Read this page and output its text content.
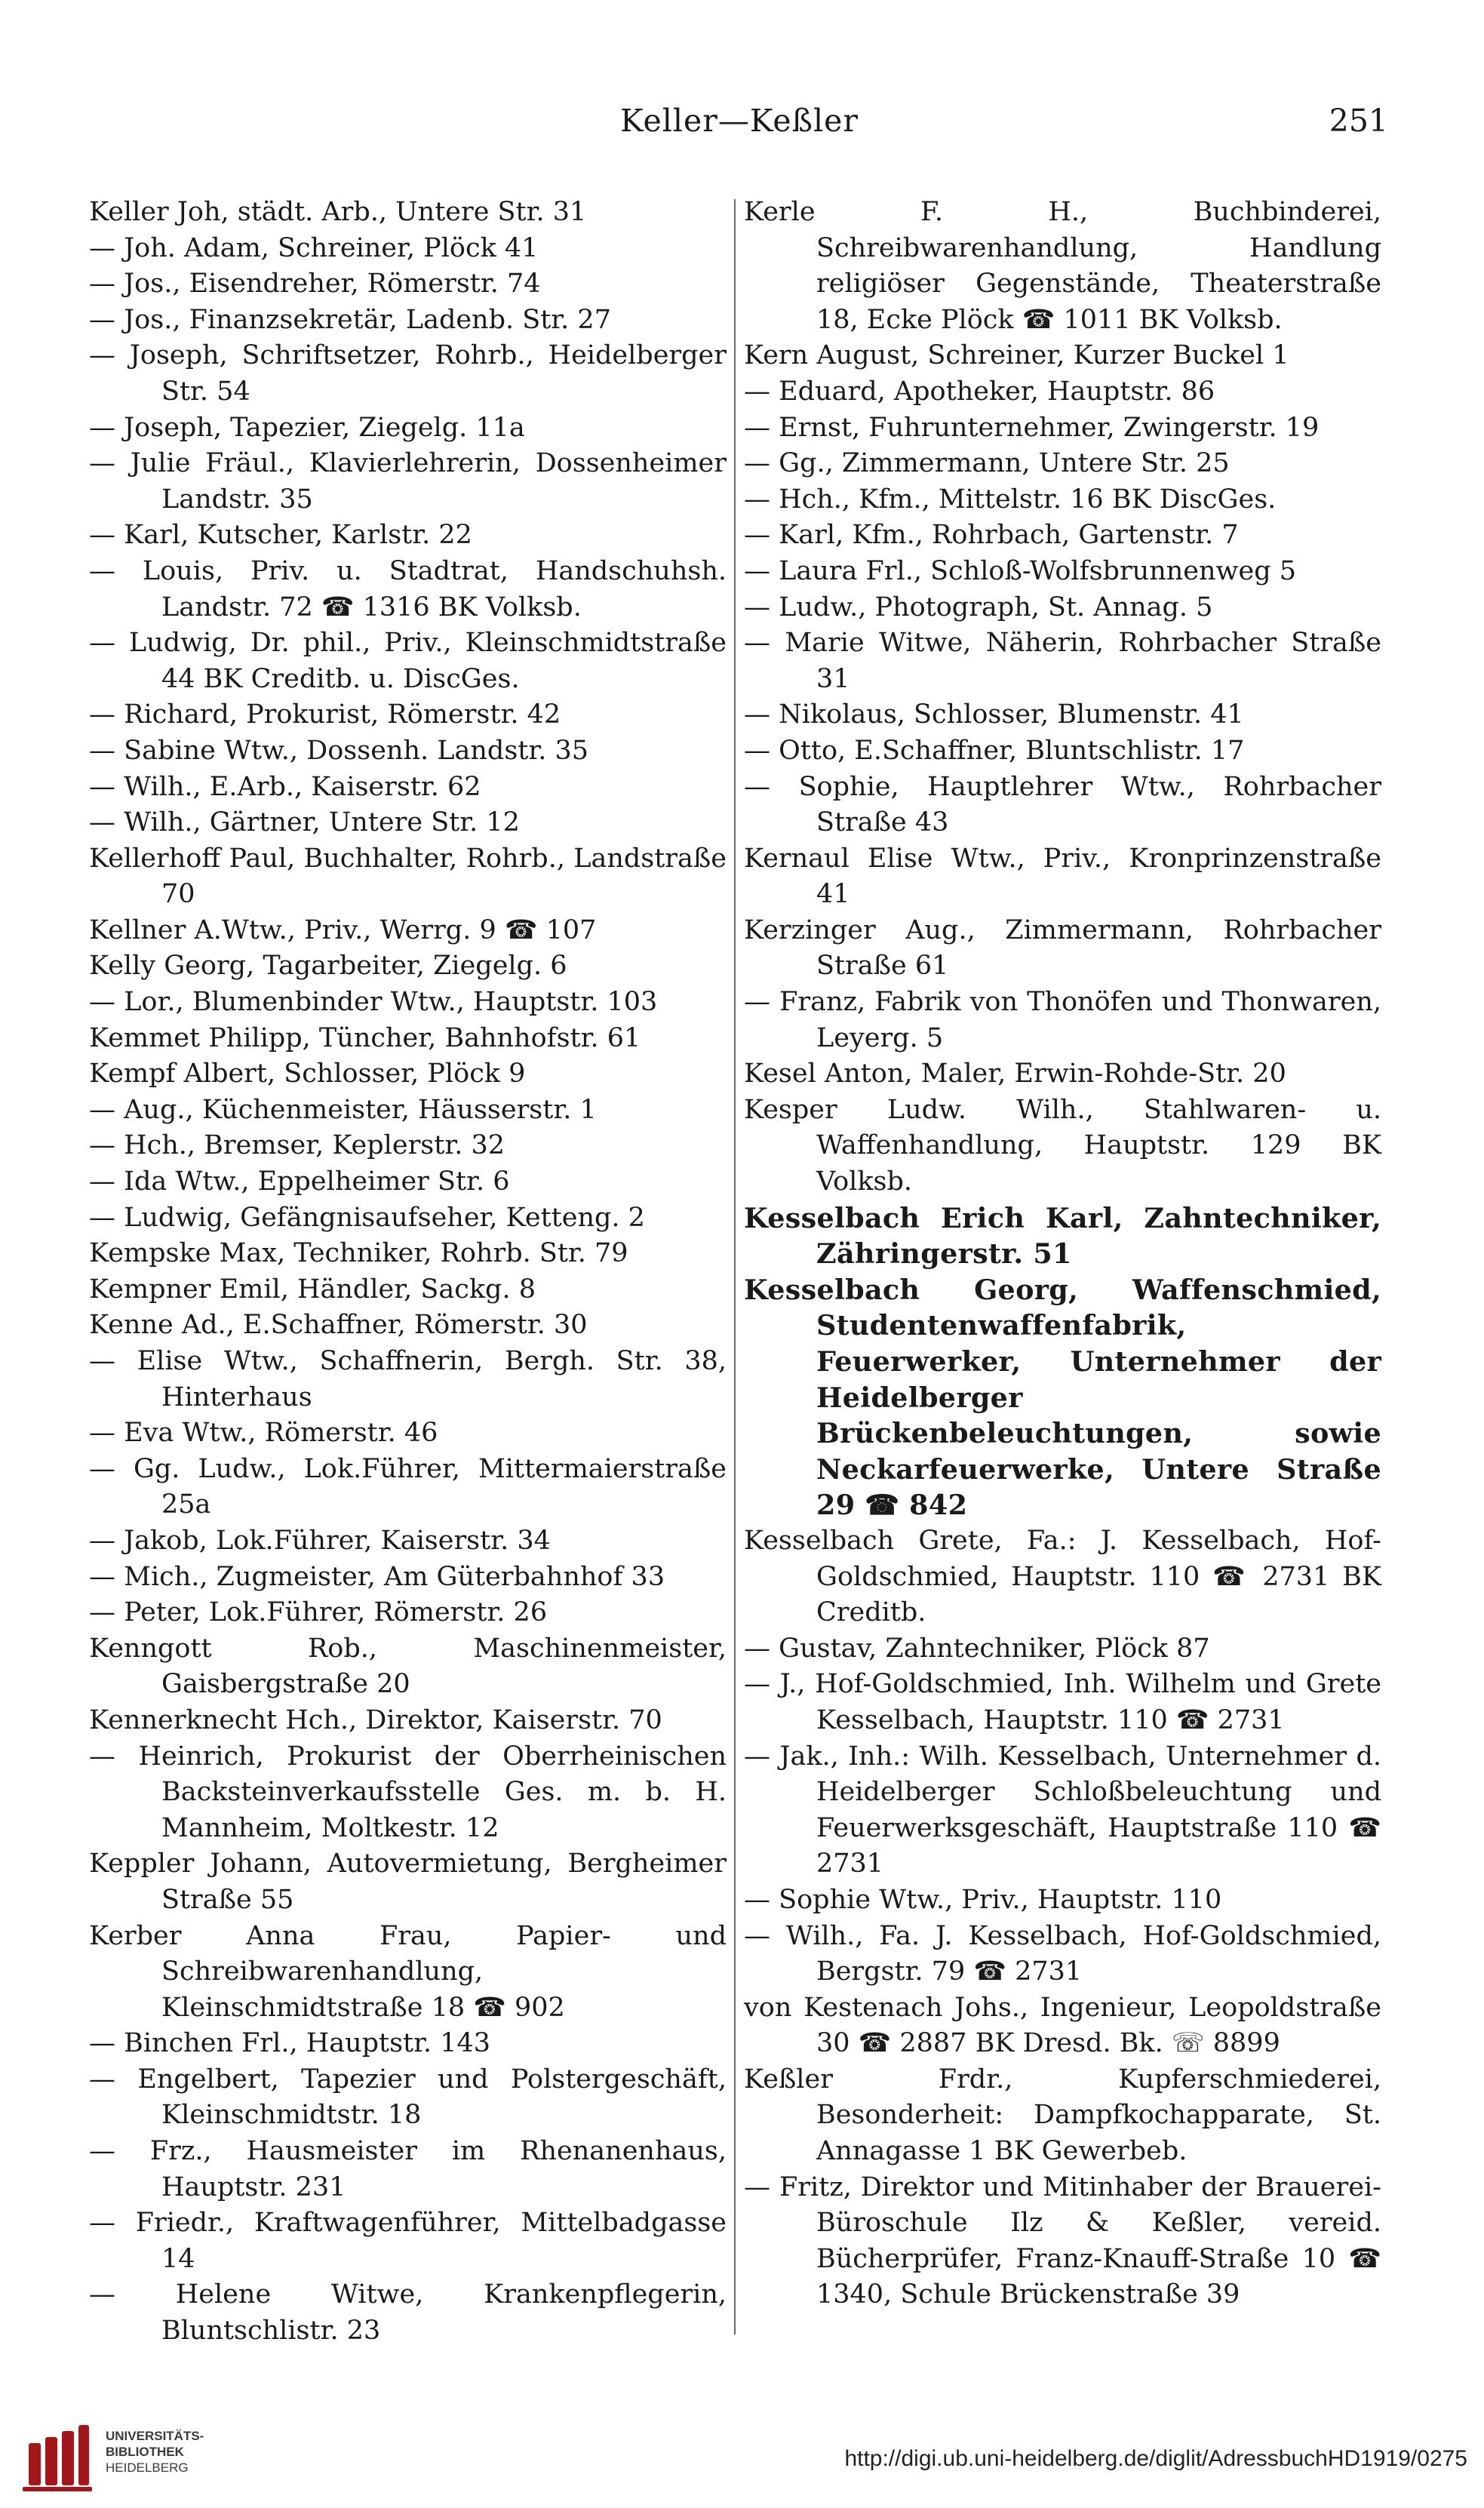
Keller—Keßler	251
Keller Joh, städt. Arb., Untere Str. 31
— Joh. Adam, Schreiner, Plöck 41
— Jos., Eisendreher, Römerstr. 74
— Jos., Finanzsekretär, Ladenb. Str. 27
— Joseph, Schriftsetzer, Rohrb., Heidelberger Str. 54
— Joseph, Tapezier, Ziegelg. 11a
— Julie Fräul., Klavierlehrerin, Dossenheimer Landstr. 35
— Karl, Kutscher, Karlstr. 22
— Louis, Priv. u. Stadtrat, Handschuhsh. Landstr. 72 ☎ 1316 BK Volksb.
— Ludwig, Dr. phil., Priv., Kleinschmidtstraße 44 BK Creditb. u. DiscGes.
— Richard, Prokurist, Römerstr. 42
— Sabine Wtw., Dossenh. Landstr. 35
— Wilh., E.Arb., Kaiserstr. 62
— Wilh., Gärtner, Untere Str. 12
Kellerhoff Paul, Buchhalter, Rohrb., Landstraße 70
Kellner A.Wtw., Priv., Werrg. 9 ☎ 107
Kelly Georg, Tagarbeiter, Ziegelg. 6
— Lor., Blumenbinder Wtw., Hauptstr. 103
Kemmet Philipp, Tüncher, Bahnhofstr. 61
Kempf Albert, Schlosser, Plöck 9
— Aug., Küchenmeister, Häusserstr. 1
— Hch., Bremser, Keplerstr. 32
— Ida Wtw., Eppelheimer Str. 6
— Ludwig, Gefängnisaufseher, Ketteng. 2
Kempske Max, Techniker, Rohrb. Str. 79
Kempner Emil, Händler, Sackg. 8
Kenne Ad., E.Schaffner, Römerstr. 30
— Elise Wtw., Schaffnerin, Bergh. Str. 38, Hinterhaus
— Eva Wtw., Römerstr. 46
— Gg. Ludw., Lok.Führer, Mittermaierstraße 25a
— Jakob, Lok.Führer, Kaiserstr. 34
— Mich., Zugmeister, Am Güterbahnhof 33
— Peter, Lok.Führer, Römerstr. 26
Kenngott Rob., Maschinenmeister, Gaisbergstraße 20
Kennerknecht Hch., Direktor, Kaiserstr. 70
— Heinrich, Prokurist der Oberrheinischen Backsteinverkaufsstelle Ges. m. b. H. Mannheim, Moltkestr. 12
Keppler Johann, Autovermietung, Bergheimer Straße 55
Kerber Anna Frau, Papier- und Schreibwarenhandlung, Kleinschmidtstraße 18 ☎ 902
— Binchen Frl., Hauptstr. 143
— Engelbert, Tapezier und Polstergeschäft, Kleinschmidtstr. 18
— Frz., Hausmeister im Rhenanenhaus, Hauptstr. 231
— Friedr., Kraftwagenführer, Mittelbadgasse 14
— Helene Witwe, Krankenpflegerin, Bluntschlistr. 23
Kerle F. H., Buchbinderei, Schreibwarenhandlung, Handlung religiöser Gegenstände, Theaterstraße 18, Ecke Plöck ☎ 1011 BK Volksb.
Kern August, Schreiner, Kurzer Buckel 1
— Eduard, Apotheker, Hauptstr. 86
— Ernst, Fuhrunternehmer, Zwingerstr. 19
— Gg., Zimmermann, Untere Str. 25
— Hch., Kfm., Mittelstr. 16 BK DiscGes.
— Karl, Kfm., Rohrbach, Gartenstr. 7
— Laura Frl., Schloß-Wolfsbrunnenweg 5
— Ludw., Photograph, St. Annag. 5
— Marie Witwe, Näherin, Rohrbacher Straße 31
— Nikolaus, Schlosser, Blumenstr. 41
— Otto, E.Schaffner, Bluntschlistr. 17
— Sophie, Hauptlehrer Wtw., Rohrbacher Straße 43
Kernaul Elise Wtw., Priv., Kronprinzenstraße 41
Kerzinger Aug., Zimmermann, Rohrbacher Straße 61
— Franz, Fabrik von Thonöfen und Thonwaren, Leyerg. 5
Kesel Anton, Maler, Erwin-Rohde-Str. 20
Kesper Ludw. Wilh., Stahlwaren- u. Waffenhandlung, Hauptstr. 129 BK Volksb.
Kesselbach Erich Karl, Zahntechniker, Zähringerstr. 51
Kesselbach Georg, Waffenschmied, Studentenwaffenfabrik, Feuerwerker, Unternehmer der Heidelberger Brückenbeleuchtungen, sowie Neckarfeuerwerke, Untere Straße 29 ☎ 842
Kesselbach Grete, Fa.: J. Kesselbach, Hof-Goldschmied, Hauptstr. 110 ☎ 2731 BK Creditb.
— Gustav, Zahntechniker, Plöck 87
— J., Hof-Goldschmied, Inh. Wilhelm und Grete Kesselbach, Hauptstr. 110 ☎ 2731
— Jak., Inh.: Wilh. Kesselbach, Unternehmer d. Heidelberger Schloßbeleuchtung und Feuerwerksgeschäft, Hauptstraße 110 ☎ 2731
— Sophie Wtw., Priv., Hauptstr. 110
— Wilh., Fa. J. Kesselbach, Hof-Goldschmied, Bergstr. 79 ☎ 2731
von Kestenach Johs., Ingenieur, Leopoldstraße 30 ☎ 2887 BK Dresd. Bk. ☏ 8899
Keßler Frdr., Kupferschmiederei, Besonderheit: Dampfkochapparate, St. Annagasse 1 BK Gewerbeb.
— Fritz, Direktor und Mitinhaber der Brauerei-Büroschule Ilz & Keßler, vereid. Bücherprüfer, Franz-Knauff-Straße 10 ☎ 1340, Schule Brückenstraße 39
UNIVERSITÄTS-
BIBLIOTHEK
HEIDELBERG	http://digi.ub.uni-heidelberg.de/diglit/AdressbuchHD1919/0275
